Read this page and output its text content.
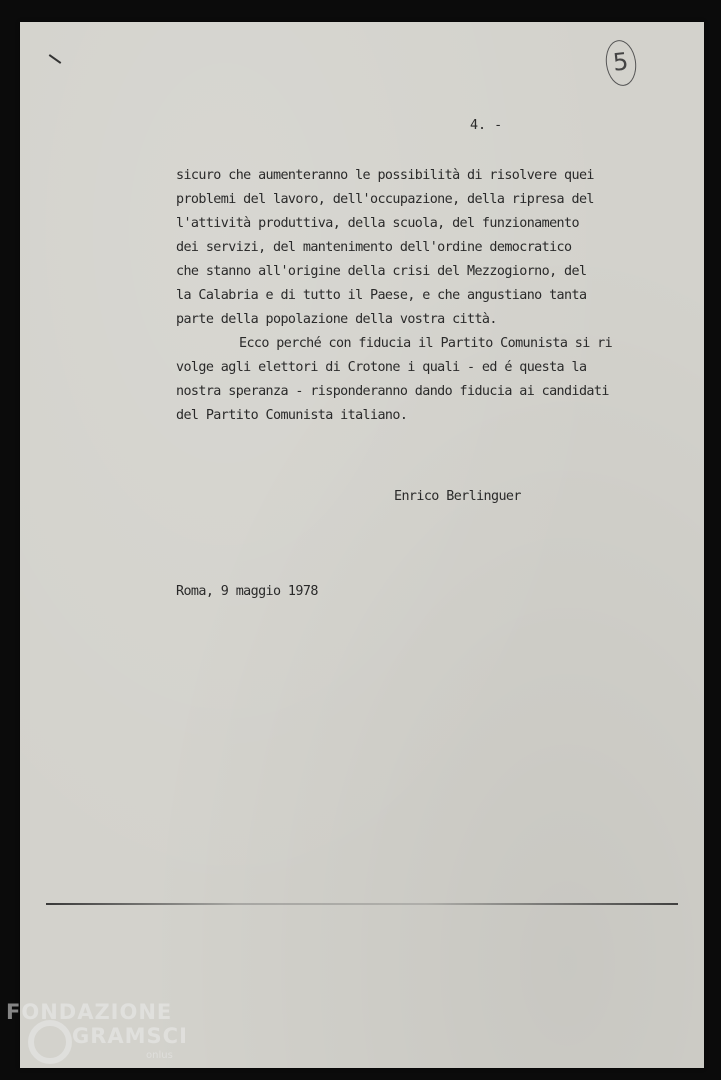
5
4. -
sicuro che aumenteranno le possibilità di risolvere quei
problemi del lavoro, dell'occupazione, della ripresa del
l'attività produttiva, della scuola, del funzionamento
dei servizi, del mantenimento dell'ordine democratico
che stanno all'origine della crisi del Mezzogiorno, del
la Calabria e di tutto il Paese, e che angustiano tanta
parte della popolazione della vostra città.
Ecco perché con fiducia il Partito Comunista si ri
volge agli elettori di Crotone i quali - ed é questa la
nostra speranza - risponderanno dando fiducia ai candidati
del Partito Comunista italiano.
Enrico Berlinguer
Roma, 9 maggio 1978
FONDAZIONE
GRAMSCI
onlus
